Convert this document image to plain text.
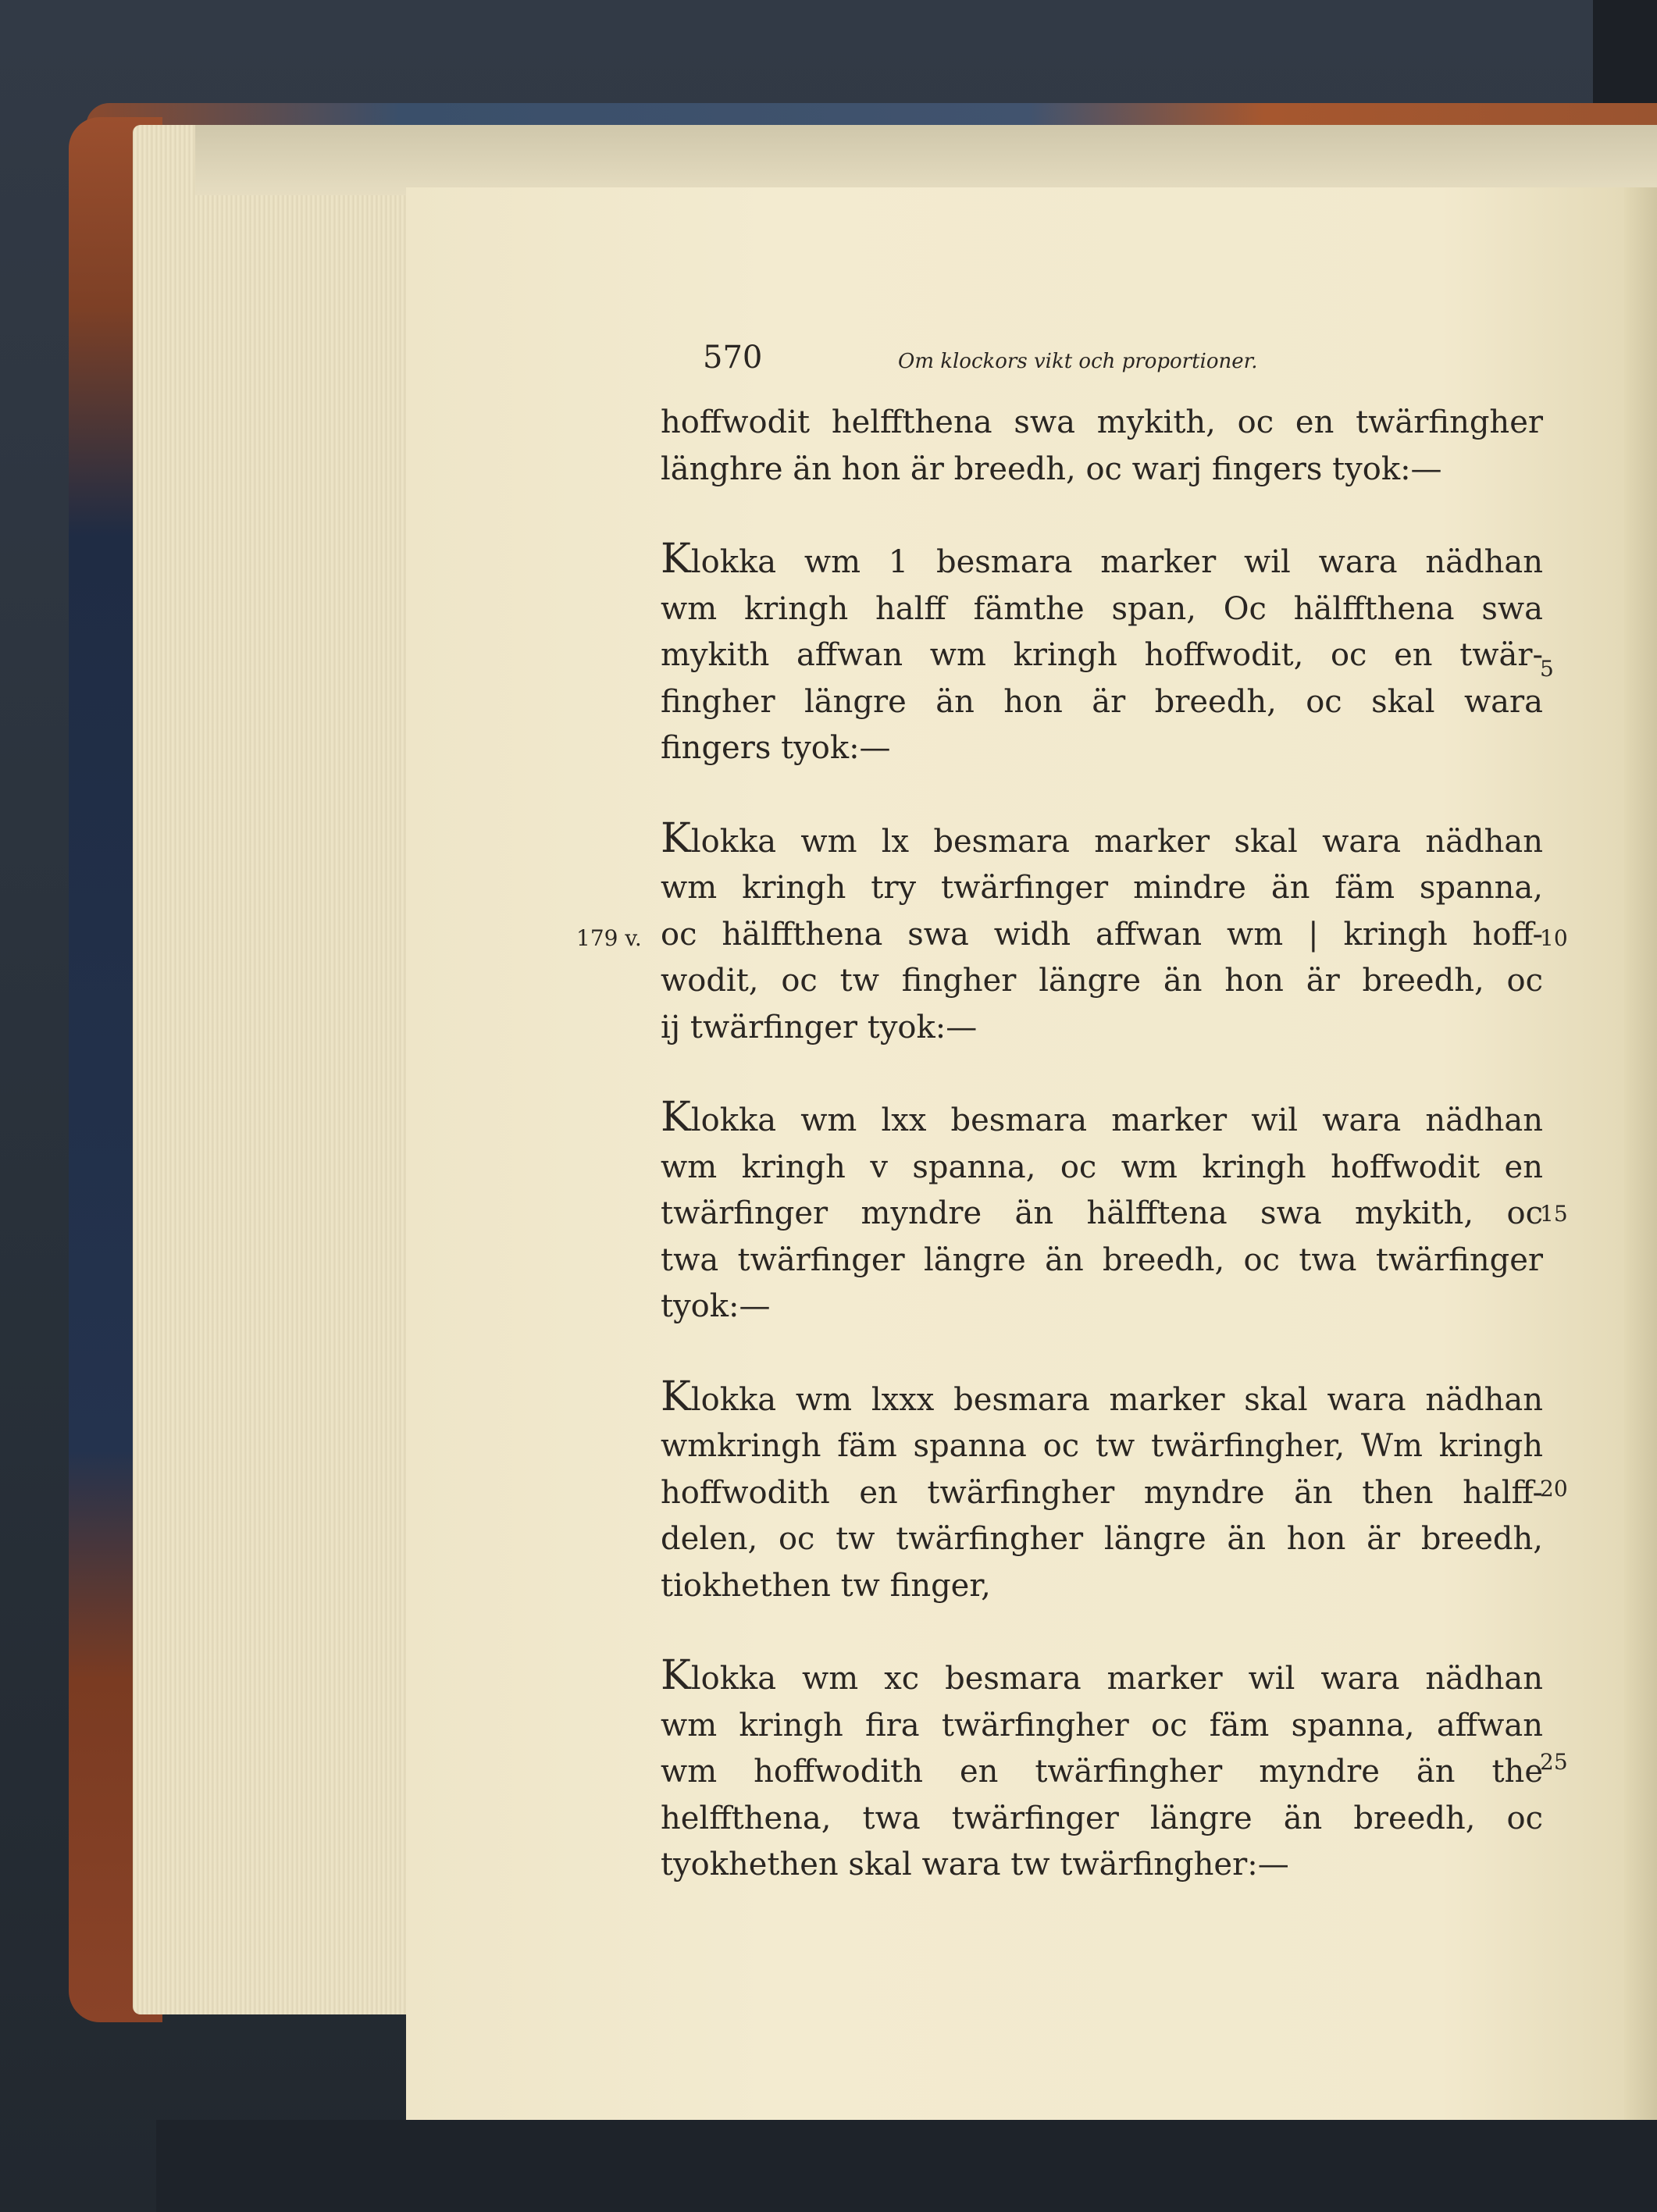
570	Om klockors vikt och proportioner.
179 v.
5
10
15
20
25
hoffwodit helffthena swa mykith, oc en twärfingher
länghre än hon är breedh, oc warj fingers tyok:—
Klokka wm 1 besmara marker wil wara nädhan
wm kringh halff fämthe span, Oc hälffthena swa
mykith affwan wm kringh hoffwodit, oc en twär-
fingher längre än hon är breedh, oc skal wara
fingers tyok:—
Klokka wm lx besmara marker skal wara nädhan
wm kringh try twärfinger mindre än fäm spanna,
oc hälffthena swa widh affwan wm | kringh hoff-
wodit, oc tw fingher längre än hon är breedh, oc
ij twärfinger tyok:—
Klokka wm lxx besmara marker wil wara nädhan
wm kringh v spanna, oc wm kringh hoffwodit en
twärfinger myndre än hälfftena swa mykith, oc
twa twärfinger längre än breedh, oc twa twärfinger
tyok:—
Klokka wm lxxx besmara marker skal wara nädhan
wmkringh fäm spanna oc tw twärfingher, Wm kringh
hoffwodith en twärfingher myndre än then halff-
delen, oc tw twärfingher längre än hon är breedh,
tiokhethen tw finger,
Klokka wm xc besmara marker wil wara nädhan
wm kringh fira twärfingher oc fäm spanna, affwan
wm hoffwodith en twärfingher myndre än the
helffthena, twa twärfinger längre än breedh, oc
tyokhethen skal wara tw twärfingher:—
